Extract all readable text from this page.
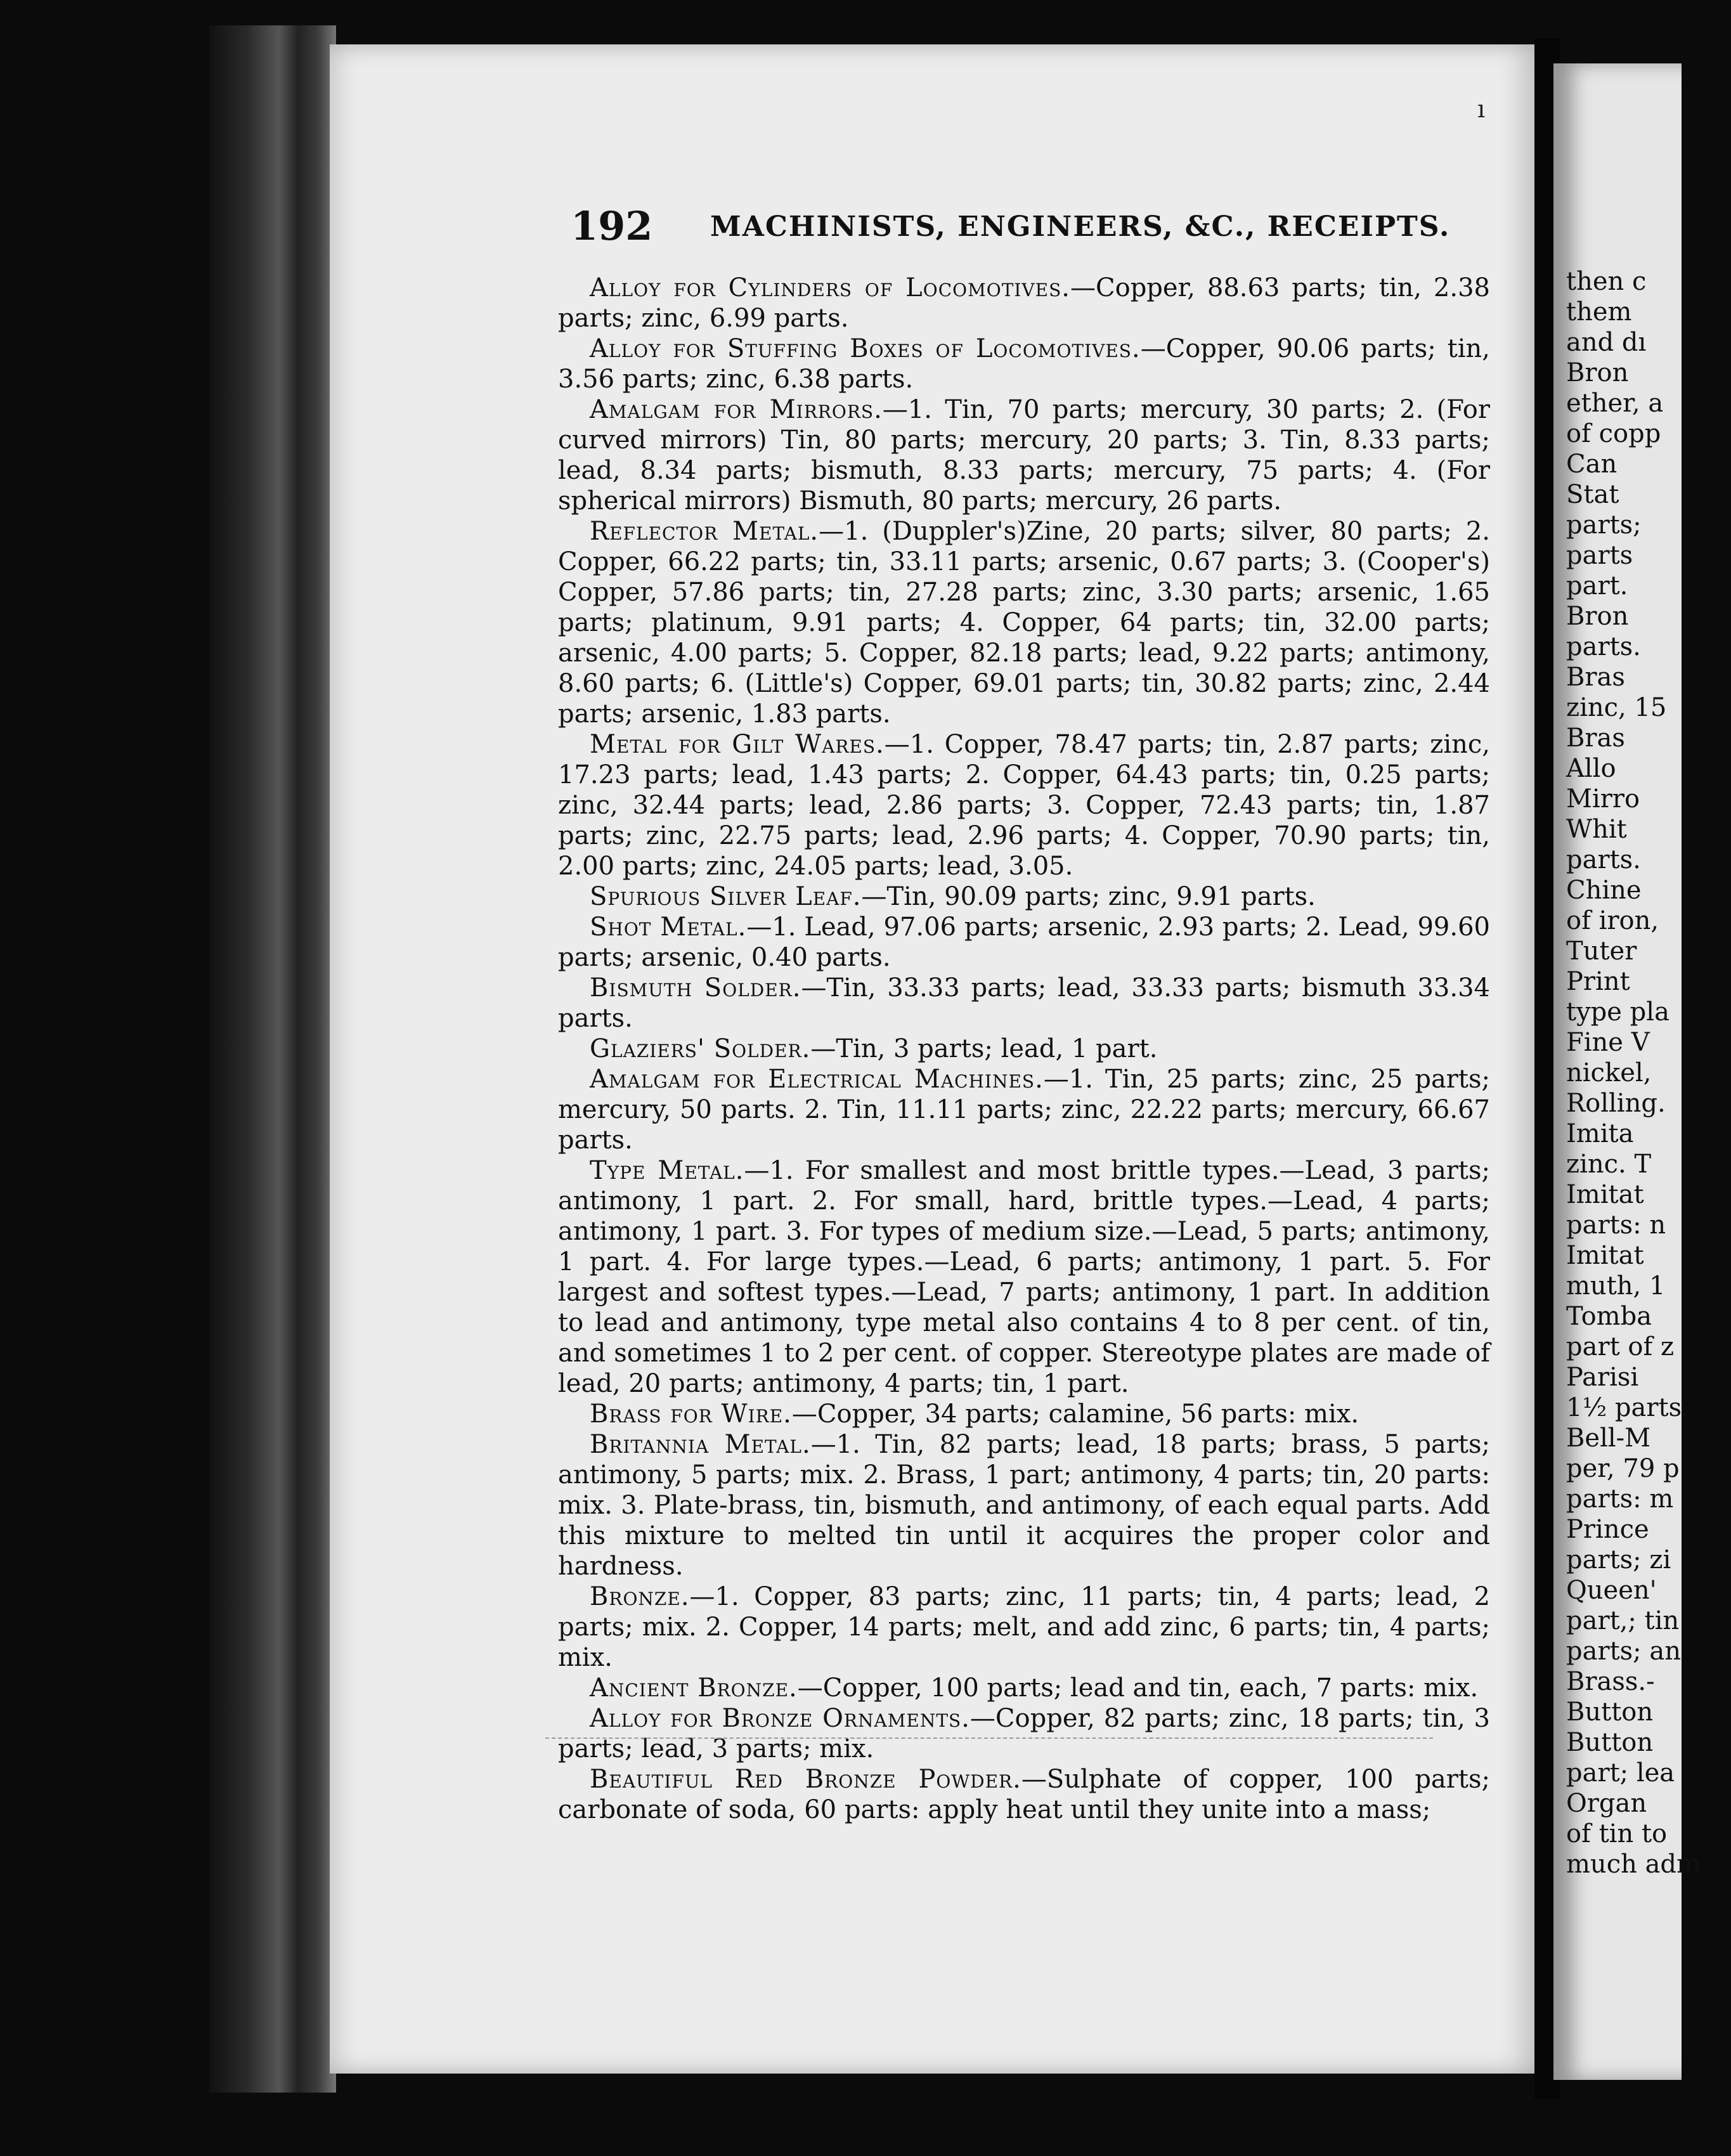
192 MACHINISTS, ENGINEERS, &C., RECEIPTS.
ı

Alloy for Cylinders of Locomotives.—Copper, 88.63 parts; tin, 2.38 parts; zinc, 6.99 parts.

Alloy for Stuffing Boxes of Locomotives.—Copper, 90.06 parts; tin, 3.56 parts; zinc, 6.38 parts.

Amalgam for Mirrors.—1. Tin, 70 parts; mercury, 30 parts; 2. (For curved mirrors) Tin, 80 parts; mercury, 20 parts; 3. Tin, 8.33 parts; lead, 8.34 parts; bismuth, 8.33 parts; mercury, 75 parts; 4. (For spherical mirrors) Bismuth, 80 parts; mercury, 26 parts.

Reflector Metal.—1. (Duppler's)Zine, 20 parts; silver, 80 parts; 2. Copper, 66.22 parts; tin, 33.11 parts; arsenic, 0.67 parts; 3. (Cooper's) Copper, 57.86 parts; tin, 27.28 parts; zinc, 3.30 parts; arsenic, 1.65 parts; platinum, 9.91 parts; 4. Copper, 64 parts; tin, 32.00 parts; arsenic, 4.00 parts; 5. Copper, 82.18 parts; lead, 9.22 parts; antimony, 8.60 parts; 6. (Little's) Copper, 69.01 parts; tin, 30.82 parts; zinc, 2.44 parts; arsenic, 1.83 parts.

Metal for Gilt Wares.—1. Copper, 78.47 parts; tin, 2.87 parts; zinc, 17.23 parts; lead, 1.43 parts; 2. Copper, 64.43 parts; tin, 0.25 parts; zinc, 32.44 parts; lead, 2.86 parts; 3. Copper, 72.43 parts; tin, 1.87 parts; zinc, 22.75 parts; lead, 2.96 parts; 4. Copper, 70.90 parts; tin, 2.00 parts; zinc, 24.05 parts; lead, 3.05.

Spurious Silver Leaf.—Tin, 90.09 parts; zinc, 9.91 parts.

Shot Metal.—1. Lead, 97.06 parts; arsenic, 2.93 parts; 2. Lead, 99.60 parts; arsenic, 0.40 parts.

Bismuth Solder.—Tin, 33.33 parts; lead, 33.33 parts; bismuth 33.34 parts.

Glaziers' Solder.—Tin, 3 parts; lead, 1 part.

Amalgam for Electrical Machines.—1. Tin, 25 parts; zinc, 25 parts; mercury, 50 parts. 2. Tin, 11.11 parts; zinc, 22.22 parts; mercury, 66.67 parts.

Type Metal.—1. For smallest and most brittle types.—Lead, 3 parts; antimony, 1 part. 2. For small, hard, brittle types.—Lead, 4 parts; antimony, 1 part. 3. For types of medium size.—Lead, 5 parts; antimony, 1 part. 4. For large types.—Lead, 6 parts; antimony, 1 part. 5. For largest and softest types.—Lead, 7 parts; antimony, 1 part. In addition to lead and antimony, type metal also contains 4 to 8 per cent. of tin, and sometimes 1 to 2 per cent. of copper. Stereotype plates are made of lead, 20 parts; antimony, 4 parts; tin, 1 part.

Brass for Wire.—Copper, 34 parts; calamine, 56 parts: mix.

Britannia Metal.—1. Tin, 82 parts; lead, 18 parts; brass, 5 parts; antimony, 5 parts; mix. 2. Brass, 1 part; antimony, 4 parts; tin, 20 parts: mix. 3. Plate-brass, tin, bismuth, and antimony, of each equal parts. Add this mixture to melted tin until it acquires the proper color and hardness.

Bronze.—1. Copper, 83 parts; zinc, 11 parts; tin, 4 parts; lead, 2 parts; mix. 2. Copper, 14 parts; melt, and add zinc, 6 parts; tin, 4 parts; mix.

Ancient Bronze.—Copper, 100 parts; lead and tin, each, 7 parts: mix.

Alloy for Bronze Ornaments.—Copper, 82 parts; zinc, 18 parts; tin, 3 parts; lead, 3 parts; mix.

Beautiful Red Bronze Powder.—Sulphate of copper, 100 parts; carbonate of soda, 60 parts: apply heat until they unite into a mass;

then c
them
and dı
Bron
ether, a
of copp
Can
Stat
parts;
parts
part.
Bron
parts.
Bras
zinc, 15
Bras
Allo
Mirro
Whit
parts.
Chine
of iron,
Tuter
Print
type pla
Fine V
nickel,
Rolling.
Imita
zinc. T
Imitat
parts: n
Imitat
muth, 1
Tomba
part of z
Parisi
1½ parts.
Bell-M
per, 79 p
parts: m
Prince
parts; zi
Queen'
part,; tin
parts; an
Brass.-
Button
Button
part; lea
Organ
of tin to
much adm
